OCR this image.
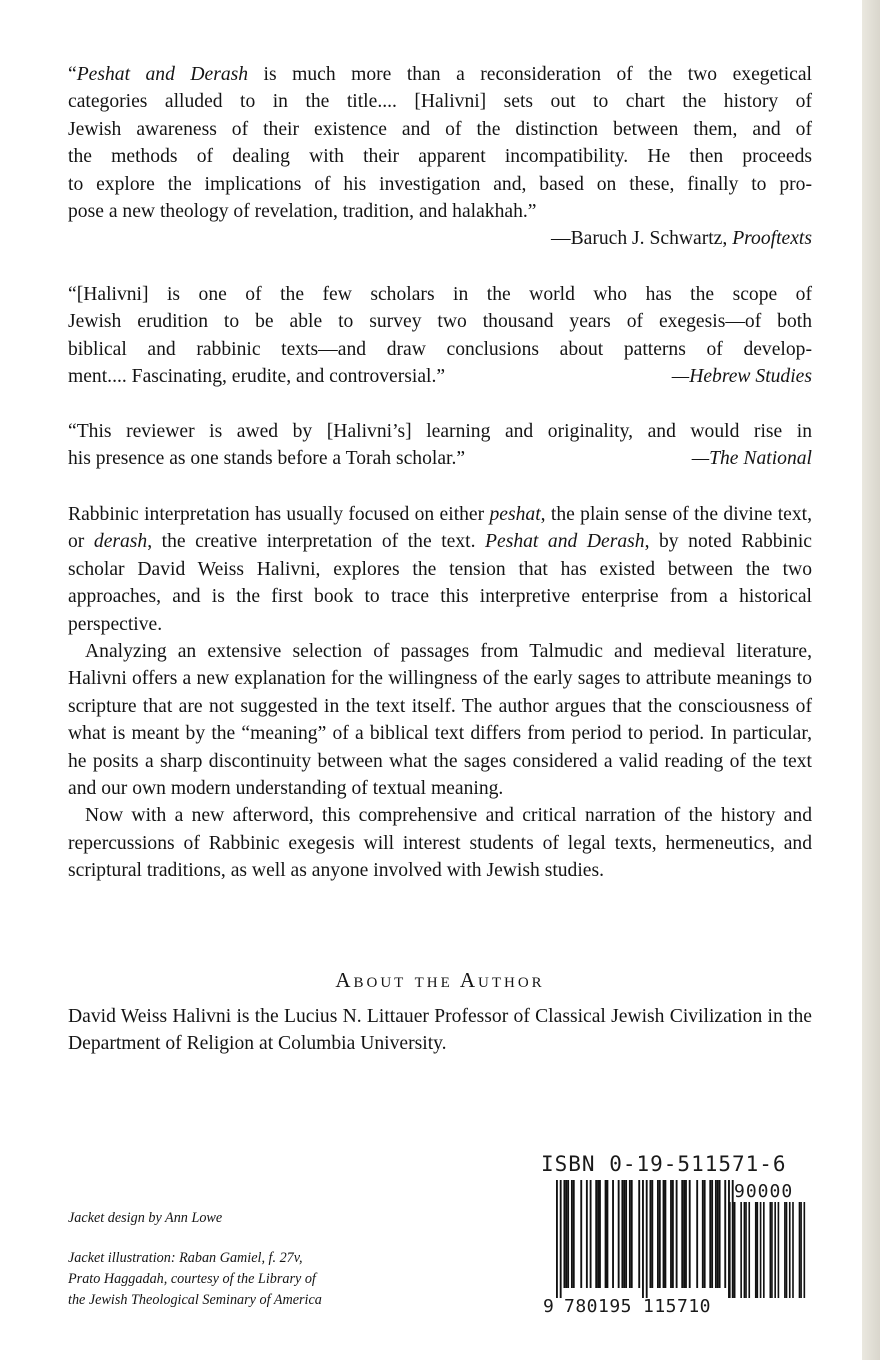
“Peshat and Derash is much more than a reconsideration of the two exegetical
categories alluded to in the title.... [Halivni] sets out to chart the history of
Jewish awareness of their existence and of the distinction between them, and of
the methods of dealing with their apparent incompatibility. He then proceeds
to explore the implications of his investigation and, based on these, finally to pro-
pose a new theology of revelation, tradition, and halakhah.”
—Baruch J. Schwartz, Prooftexts
“[Halivni] is one of the few scholars in the world who has the scope of
Jewish erudition to be able to survey two thousand years of exegesis—of both
biblical and rabbinic texts—and draw conclusions about patterns of develop-
ment.... Fascinating, erudite, and controversial.”	—Hebrew Studies
“This reviewer is awed by [Halivni’s] learning and originality, and would rise in
his presence as one stands before a Torah scholar.”	—The National

Rabbinic interpretation has usually focused on either peshat, the plain sense of the divine text, or derash, the creative interpretation of the text. Peshat and Derash, by noted Rabbinic scholar David Weiss Halivni, explores the tension that has existed between the two approaches, and is the first book to trace this interpretive enterprise from a historical perspective.

Analyzing an extensive selection of passages from Talmudic and medieval literature, Halivni offers a new explanation for the willingness of the early sages to attribute meanings to scripture that are not suggested in the text itself. The author argues that the consciousness of what is meant by the “meaning” of a biblical text differs from period to period. In particular, he posits a sharp discontinuity between what the sages considered a valid reading of the text and our own modern understanding of textual meaning.

Now with a new afterword, this comprehensive and critical narration of the history and repercussions of Rabbinic exegesis will interest students of legal texts, hermeneutics, and scriptural traditions, as well as anyone involved with Jewish studies.

About the Author
David Weiss Halivni is the Lucius N. Littauer Professor of Classical Jewish Civilization in the Department of Religion at Columbia University.
Jacket design by Ann Lowe
Jacket illustration: Raban Gamiel, f. 27v,
Prato Haggadah, courtesy of the Library of
the Jewish Theological Seminary of America
ISBN 0-19-511571-6
9 780195 115710
90000
